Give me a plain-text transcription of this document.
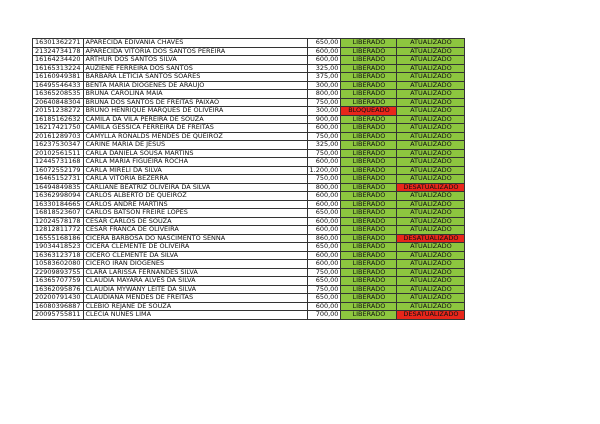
16301362271	APARECIDA EDIVANIA CHAVES	650,00	LIBERADO	ATUALIZADO
21324734178	APARECIDA VITORIA DOS SANTOS PEREIRA	600,00	LIBERADO	ATUALIZADO
16164234420	ARTHUR DOS SANTOS SILVA	600,00	LIBERADO	ATUALIZADO
16165313224	AUZIENE FERREIRA DOS SANTOS	325,00	LIBERADO	ATUALIZADO
16160949381	BARBARA LETICIA SANTOS SOARES	375,00	LIBERADO	ATUALIZADO
16495546433	BENTA MARIA DIOGENES DE ARAUJO	300,00	LIBERADO	ATUALIZADO
16365208535	BRUNA CAROLINA MAIA	800,00	LIBERADO	ATUALIZADO
20640848304	BRUNA DOS SANTOS DE FREITAS PAIXAO	750,00	LIBERADO	ATUALIZADO
20151238272	BRUNO HENRIQUE MARQUES DE OLIVEIRA	300,00	BLOQUEADO	ATUALIZADO
16185162632	CAMILA DA VILA PEREIRA DE SOUZA	900,00	LIBERADO	ATUALIZADO
16217421750	CAMILA GESSICA FERREIRA DE FREITAS	600,00	LIBERADO	ATUALIZADO
20161289703	CAMYLLA RONALDS MENDES DE QUEIROZ	750,00	LIBERADO	ATUALIZADO
16237530347	CARINE MARIA DE JESUS	325,00	LIBERADO	ATUALIZADO
20102561511	CARLA DANIELA SOUSA MARTINS	750,00	LIBERADO	ATUALIZADO
12445731168	CARLA MARIA FIGUEIRA ROCHA	600,00	LIBERADO	ATUALIZADO
16072552179	CARLA MIRELI DA SILVA	1.200,00	LIBERADO	ATUALIZADO
16465152731	CARLA VITORIA BEZERRA	750,00	LIBERADO	ATUALIZADO
16494849835	CARLIANE BEATRIZ OLIVEIRA DA SILVA	800,00	LIBERADO	DESATUALIZADO
16362998094	CARLOS ALBERTO DE QUEIROZ	600,00	LIBERADO	ATUALIZADO
16330184665	CARLOS ANDRE MARTINS	600,00	LIBERADO	ATUALIZADO
16818523607	CARLOS BATSON FREIRE LOPES	650,00	LIBERADO	ATUALIZADO
12024578178	CESAR CARLOS DE SOUZA	600,00	LIBERADO	ATUALIZADO
12812811772	CESAR FRANCA DE OLIVEIRA	600,00	LIBERADO	ATUALIZADO
16555168186	CICERA BARBOSA DO NASCIMENTO SENNA	860,00	LIBERADO	DESATUALIZADO
19034418523	CICERA CLEMENTE DE OLIVEIRA	650,00	LIBERADO	ATUALIZADO
16363123718	CICERO CLEMENTE DA SILVA	600,00	LIBERADO	ATUALIZADO
10583602080	CICERO IRAN DIOGENES	600,00	LIBERADO	ATUALIZADO
22909893755	CLARA LARISSA FERNANDES SILVA	750,00	LIBERADO	ATUALIZADO
16365707759	CLAUDIA MAYARA ALVES DA SILVA	650,00	LIBERADO	ATUALIZADO
16362095876	CLAUDIA MYWANY LEITE DA SILVA	750,00	LIBERADO	ATUALIZADO
20200791430	CLAUDIANA MENDES DE FREITAS	650,00	LIBERADO	ATUALIZADO
16080396887	CLEBIO REJANE DE SOUZA	600,00	LIBERADO	ATUALIZADO
20095755811	CLECIA NUNES LIMA	700,00	LIBERADO	DESATUALIZADO
